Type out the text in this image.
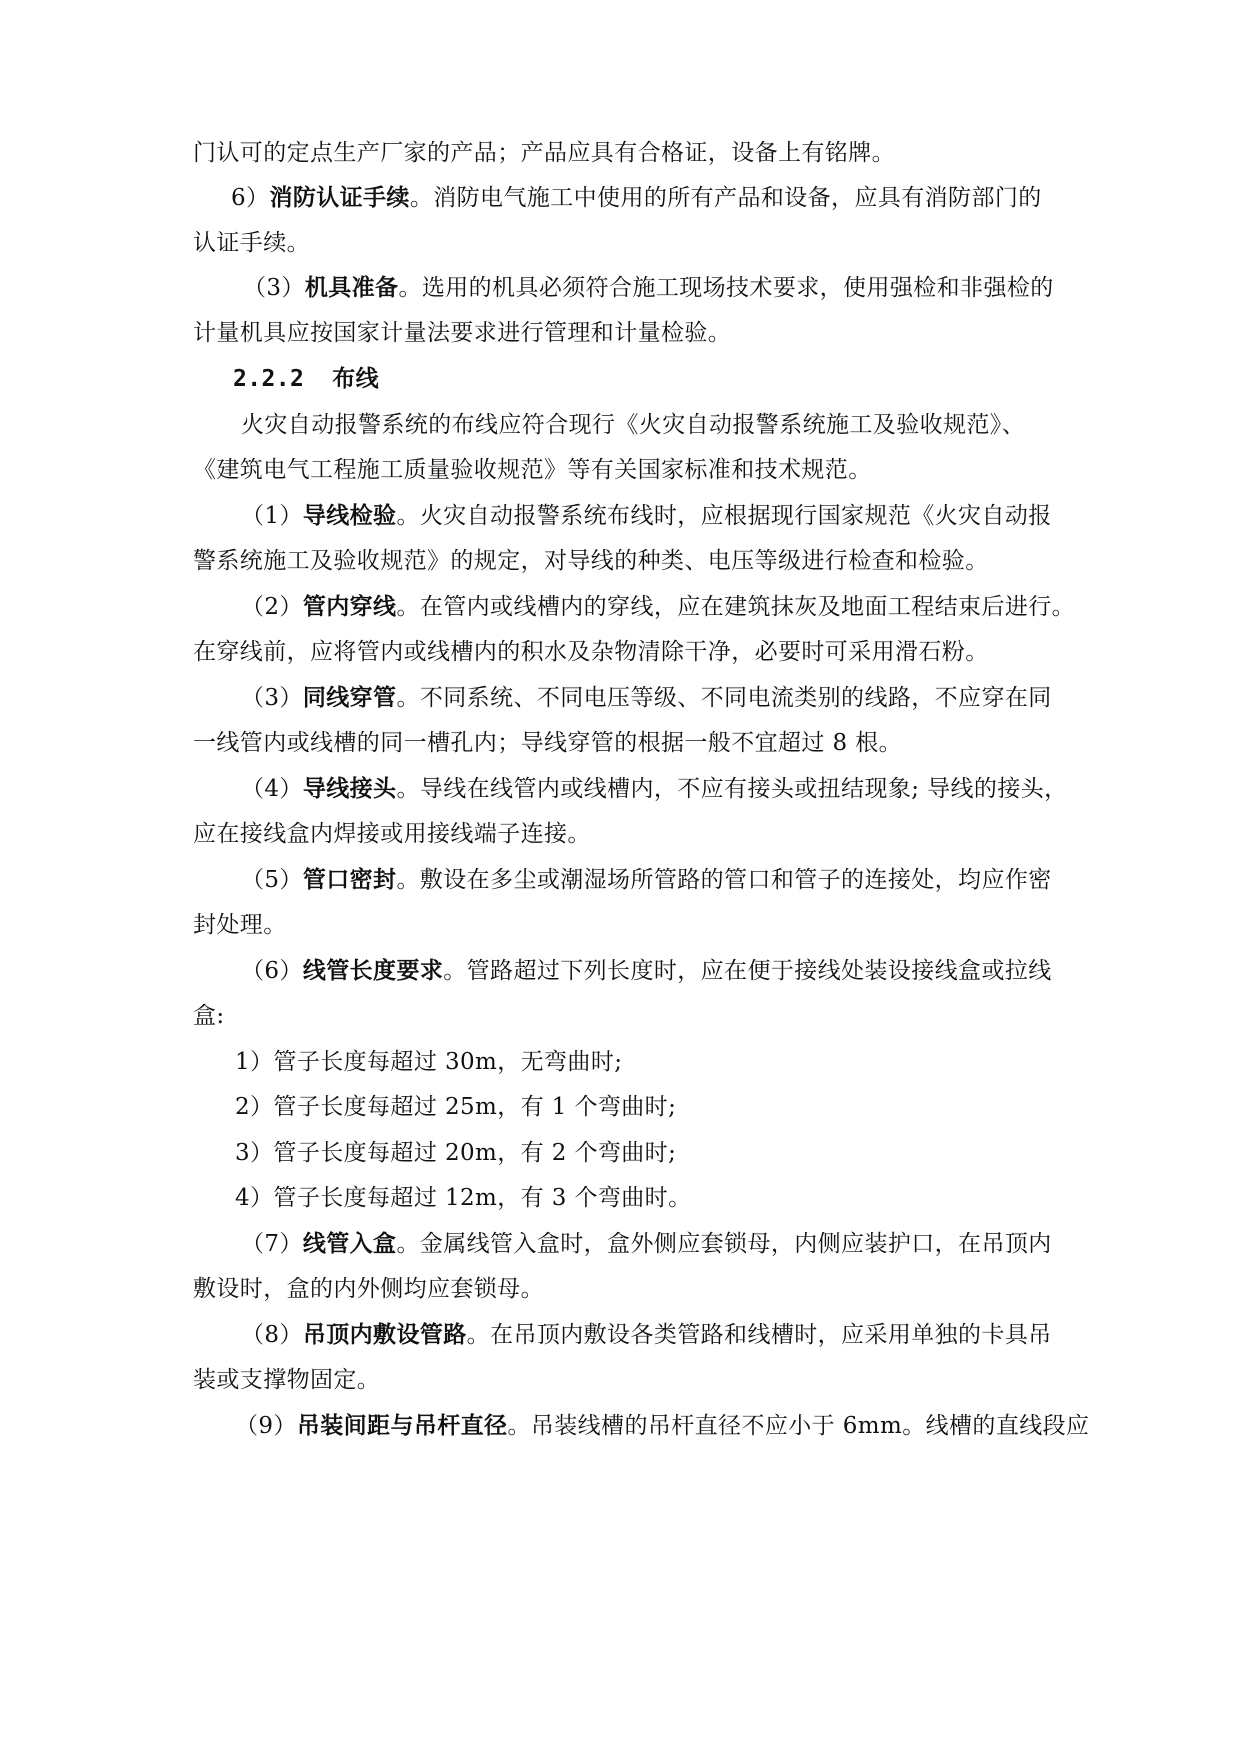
门认可的定点生产厂家的产品；产品应具有合格证，设备上有铭牌。
6）消防认证手续。消防电气施工中使用的所有产品和设备，应具有消防部门的
认证手续。
（3）机具准备。选用的机具必须符合施工现场技术要求，使用强检和非强检的
计量机具应按国家计量法要求进行管理和计量检验。
2.2.2 布线
火灾自动报警系统的布线应符合现行《火灾自动报警系统施工及验收规范》、
《建筑电气工程施工质量验收规范》等有关国家标准和技术规范。
（1）导线检验。火灾自动报警系统布线时，应根据现行国家规范《火灾自动报
警系统施工及验收规范》的规定，对导线的种类、电压等级进行检查和检验。
（2）管内穿线。在管内或线槽内的穿线，应在建筑抹灰及地面工程结束后进行。
在穿线前，应将管内或线槽内的积水及杂物清除干净，必要时可采用滑石粉。
（3）同线穿管。不同系统、不同电压等级、不同电流类别的线路，不应穿在同
一线管内或线槽的同一槽孔内；导线穿管的根据一般不宜超过 8 根。
（4）导线接头。导线在线管内或线槽内，不应有接头或扭结现象; 导线的接头，
应在接线盒内焊接或用接线端子连接。
（5）管口密封。敷设在多尘或潮湿场所管路的管口和管子的连接处，均应作密
封处理。
（6）线管长度要求。管路超过下列长度时，应在便于接线处装设接线盒或拉线
盒:
1）管子长度每超过 30m，无弯曲时;
2）管子长度每超过 25m，有 1 个弯曲时;
3）管子长度每超过 20m，有 2 个弯曲时;
4）管子长度每超过 12m，有 3 个弯曲时。
（7）线管入盒。金属线管入盒时，盒外侧应套锁母，内侧应装护口，在吊顶内
敷设时，盒的内外侧均应套锁母。
（8）吊顶内敷设管路。在吊顶内敷设各类管路和线槽时，应采用单独的卡具吊
装或支撑物固定。
（9）吊装间距与吊杆直径。吊装线槽的吊杆直径不应小于 6mm。线槽的直线段应
